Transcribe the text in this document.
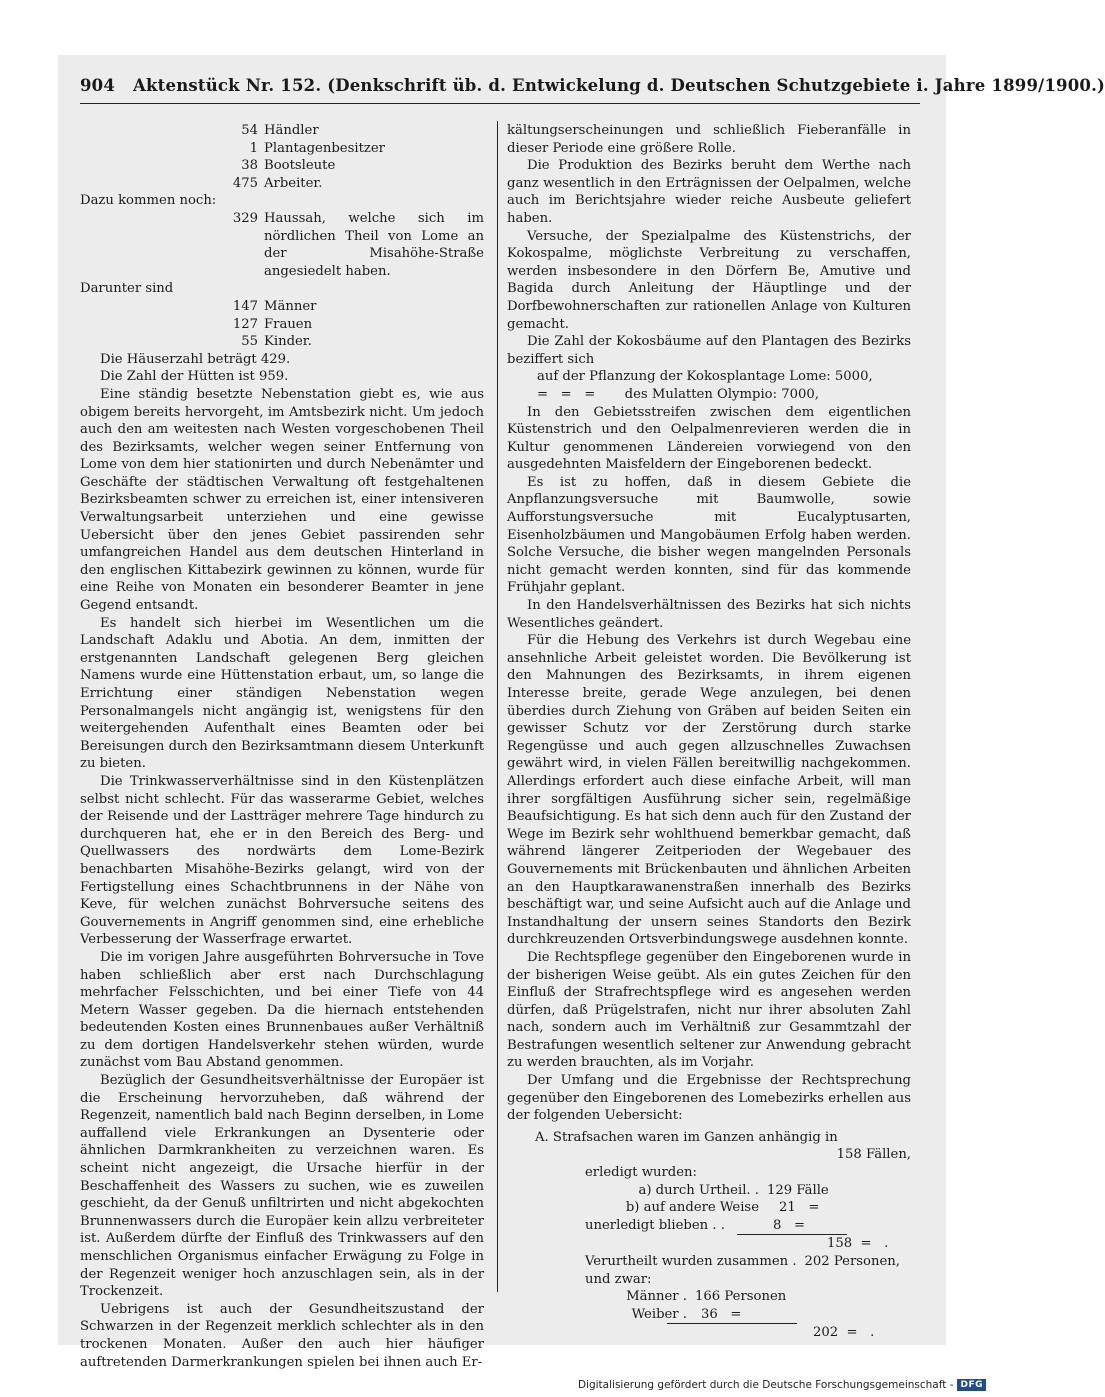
904 Aktenstück Nr. 152. (Denkschrift üb. d. Entwickelung d. Deutschen Schutzgebiete i. Jahre 1899/1900.)
54 Händler
1 Plantagenbesitzer
38 Bootsleute
475 Arbeiter.
Dazu kommen noch:
329 Haussah, welche sich im nördlichen Theil von Lome an der Misahöhe-Straße angesiedelt haben.
Darunter sind
147 Männer
127 Frauen
55 Kinder.

Die Häuserzahl beträgt 429.

Die Zahl der Hütten ist 959.

Eine ständig besetzte Nebenstation giebt es, wie aus obigem bereits hervorgeht, im Amtsbezirk nicht. Um jedoch auch den am weitesten nach Westen vorgeschobenen Theil des Bezirksamts, welcher wegen seiner Entfernung von Lome von dem hier stationirten und durch Nebenämter und Geschäfte der städtischen Verwaltung oft festgehaltenen Bezirksbeamten schwer zu erreichen ist, einer intensiveren Verwaltungsarbeit unterziehen und eine gewisse Uebersicht über den jenes Gebiet passirenden sehr umfangreichen Handel aus dem deutschen Hinterland in den englischen Kittabezirk gewinnen zu können, wurde für eine Reihe von Monaten ein besonderer Beamter in jene Gegend entsandt.

Es handelt sich hierbei im Wesentlichen um die Landschaft Adaklu und Abotia. An dem, inmitten der erstgenannten Landschaft gelegenen Berg gleichen Namens wurde eine Hüttenstation erbaut, um, so lange die Errichtung einer ständigen Nebenstation wegen Personalmangels nicht angängig ist, wenigstens für den weitergehenden Aufenthalt eines Beamten oder bei Bereisungen durch den Bezirksamtmann diesem Unterkunft zu bieten.

Die Trinkwasserverhältnisse sind in den Küstenplätzen selbst nicht schlecht. Für das wasserarme Gebiet, welches der Reisende und der Lastträger mehrere Tage hindurch zu durchqueren hat, ehe er in den Bereich des Berg- und Quellwassers des nordwärts dem Lome-Bezirk benachbarten Misahöhe-Bezirks gelangt, wird von der Fertigstellung eines Schachtbrunnens in der Nähe von Keve, für welchen zunächst Bohrversuche seitens des Gouvernements in Angriff genommen sind, eine erhebliche Verbesserung der Wasserfrage erwartet.

Die im vorigen Jahre ausgeführten Bohrversuche in Tove haben schließlich aber erst nach Durchschlagung mehrfacher Felsschichten, und bei einer Tiefe von 44 Metern Wasser gegeben. Da die hiernach entstehenden bedeutenden Kosten eines Brunnenbaues außer Verhältniß zu dem dortigen Handelsverkehr stehen würden, wurde zunächst vom Bau Abstand genommen.

Bezüglich der Gesundheitsverhältnisse der Europäer ist die Erscheinung hervorzuheben, daß während der Regenzeit, namentlich bald nach Beginn derselben, in Lome auffallend viele Erkrankungen an Dysenterie oder ähnlichen Darmkrankheiten zu verzeichnen waren. Es scheint nicht angezeigt, die Ursache hierfür in der Beschaffenheit des Wassers zu suchen, wie es zuweilen geschieht, da der Genuß unfiltrirten und nicht abgekochten Brunnenwassers durch die Europäer kein allzu verbreiteter ist. Außerdem dürfte der Einfluß des Trinkwassers auf den menschlichen Organismus einfacher Erwägung zu Folge in der Regenzeit weniger hoch anzuschlagen sein, als in der Trockenzeit.

Uebrigens ist auch der Gesundheitszustand der Schwarzen in der Regenzeit merklich schlechter als in den trockenen Monaten. Außer den auch hier häufiger auftretenden Darmerkrankungen spielen bei ihnen auch Er-

kältungserscheinungen und schließlich Fieberanfälle in dieser Periode eine größere Rolle.

Die Produktion des Bezirks beruht dem Werthe nach ganz wesentlich in den Erträgnissen der Oelpalmen, welche auch im Berichtsjahre wieder reiche Ausbeute geliefert haben.

Versuche, der Spezialpalme des Küstenstrichs, der Kokospalme, möglichste Verbreitung zu verschaffen, werden insbesondere in den Dörfern Be, Amutive und Bagida durch Anleitung der Häuptlinge und der Dorfbewohnerschaften zur rationellen Anlage von Kulturen gemacht.

Die Zahl der Kokosbäume auf den Plantagen des Bezirks beziffert sich

auf der Pflanzung der Kokosplantage Lome: 5000,
=   =   =       des Mulatten Olympio: 7000,

In den Gebietsstreifen zwischen dem eigentlichen Küstenstrich und den Oelpalmenrevieren werden die in Kultur genommenen Ländereien vorwiegend von den ausgedehnten Maisfeldern der Eingeborenen bedeckt.

Es ist zu hoffen, daß in diesem Gebiete die Anpflanzungsversuche mit Baumwolle, sowie Aufforstungsversuche mit Eucalyptusarten, Eisenholzbäumen und Mangobäumen Erfolg haben werden. Solche Versuche, die bisher wegen mangelnden Personals nicht gemacht werden konnten, sind für das kommende Frühjahr geplant.

In den Handelsverhältnissen des Bezirks hat sich nichts Wesentliches geändert.

Für die Hebung des Verkehrs ist durch Wegebau eine ansehnliche Arbeit geleistet worden. Die Bevölkerung ist den Mahnungen des Bezirksamts, in ihrem eigenen Interesse breite, gerade Wege anzulegen, bei denen überdies durch Ziehung von Gräben auf beiden Seiten ein gewisser Schutz vor der Zerstörung durch starke Regengüsse und auch gegen allzuschnelles Zuwachsen gewährt wird, in vielen Fällen bereitwillig nachgekommen. Allerdings erfordert auch diese einfache Arbeit, will man ihrer sorgfältigen Ausführung sicher sein, regelmäßige Beaufsichtigung. Es hat sich denn auch für den Zustand der Wege im Bezirk sehr wohlthuend bemerkbar gemacht, daß während längerer Zeitperioden der Wegebauer des Gouvernements mit Brückenbauten und ähnlichen Arbeiten an den Hauptkarawanenstraßen innerhalb des Bezirks beschäftigt war, und seine Aufsicht auch auf die Anlage und Instandhaltung der unsern seines Standorts den Bezirk durchkreuzenden Ortsverbindungswege ausdehnen konnte.

Die Rechtspflege gegenüber den Eingeborenen wurde in der bisherigen Weise geübt. Als ein gutes Zeichen für den Einfluß der Strafrechtspflege wird es angesehen werden dürfen, daß Prügelstrafen, nicht nur ihrer absoluten Zahl nach, sondern auch im Verhältniß zur Gesammtzahl der Bestrafungen wesentlich seltener zur Anwendung gebracht zu werden brauchten, als im Vorjahr.

Der Umfang und die Ergebnisse der Rechtsprechung gegenüber den Eingeborenen des Lomebezirks erhellen aus der folgenden Uebersicht:

A. Strafsachen waren im Ganzen anhängig in
158 Fällen,
erledigt wurden:
a) durch Urtheil. . 129 Fälle
b) auf andere Weise	21   =
unerledigt blieben . .	8   =
158  =   .
Verurtheilt wurden zusammen . 202 Personen,
und zwar:
Männer . 166 Personen
Weiber .	36   =
202  =   .
Digitalisierung gefördert durch die Deutsche Forschungsgemeinschaft - DFG
